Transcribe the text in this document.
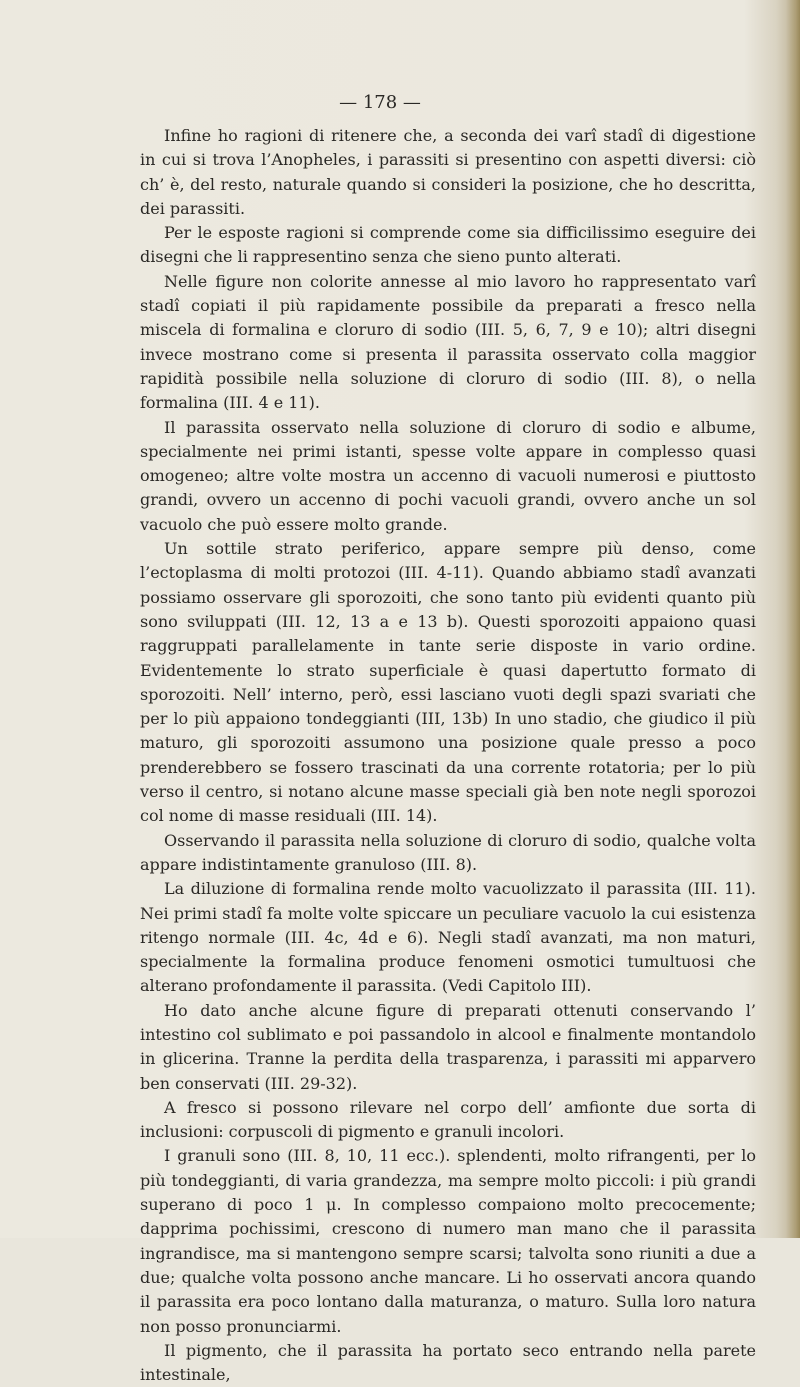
— 178 —

Infine ho ragioni di ritenere che, a seconda dei varî stadî di digestione in cui si trova l’Anopheles, i parassiti si presentino con aspetti diversi: ciò ch’ è, del resto, naturale quando si consideri la posizione, che ho descritta, dei parassiti.

Per le esposte ragioni si comprende come sia difficilissimo eseguire dei disegni che li rappresentino senza che sieno punto alterati.

Nelle figure non colorite annesse al mio lavoro ho rappresentato varî stadî copiati il più rapidamente possibile da preparati a fresco nella miscela di formalina e cloruro di sodio (III. 5, 6, 7, 9 e 10); altri disegni invece mostrano come si presenta il parassita osservato colla maggior rapidità possibile nella soluzione di cloruro di sodio (III. 8), o nella formalina (III. 4 e 11).

Il parassita osservato nella soluzione di cloruro di sodio e albume, specialmente nei primi istanti, spesse volte appare in complesso quasi omogeneo; altre volte mostra un accenno di vacuoli numerosi e piuttosto grandi, ovvero un accenno di pochi vacuoli grandi, ovvero anche un sol vacuolo che può essere molto grande.

Un sottile strato periferico, appare sempre più denso, come l’ectoplasma di molti protozoi (III. 4-11). Quando abbiamo stadî avanzati possiamo osservare gli sporozoiti, che sono tanto più evidenti quanto più sono sviluppati (III. 12, 13 a e 13 b). Questi sporozoiti appaiono quasi raggruppati parallelamente in tante serie disposte in vario ordine. Evidentemente lo strato superficiale è quasi dapertutto formato di sporozoiti. Nell’ interno, però, essi lasciano vuoti degli spazi svariati che per lo più appaiono tondeggianti (III, 13b) In uno stadio, che giudico il più maturo, gli sporozoiti assumono una posizione quale presso a poco prenderebbero se fossero trascinati da una corrente rotatoria; per lo più verso il centro, si notano alcune masse speciali già ben note negli sporozoi col nome di masse residuali (III. 14).

Osservando il parassita nella soluzione di cloruro di sodio, qualche volta appare indistintamente granuloso (III. 8).

La diluzione di formalina rende molto vacuolizzato il parassita (III. 11). Nei primi stadî fa molte volte spiccare un peculiare vacuolo la cui esistenza ritengo normale (III. 4c, 4d e 6). Negli stadî avanzati, ma non maturi, specialmente la formalina produce fenomeni osmotici tumultuosi che alterano profondamente il parassita. (Vedi Capitolo III).

Ho dato anche alcune figure di preparati ottenuti conservando l’ intestino col sublimato e poi passandolo in alcool e finalmente montandolo in glicerina. Tranne la perdita della trasparenza, i parassiti mi apparvero ben conservati (III. 29-32).

A fresco si possono rilevare nel corpo dell’ amfionte due sorta di inclusioni: corpuscoli di pigmento e granuli incolori.

I granuli sono (III. 8, 10, 11 ecc.). splendenti, molto rifrangenti, per lo più tondeggianti, di varia grandezza, ma sempre molto piccoli: i più grandi superano di poco 1 μ. In complesso compaiono molto precocemente; dapprima pochissimi, crescono di numero man mano che il parassita ingrandisce, ma si mantengono sempre scarsi; talvolta sono riuniti a due a due; qualche volta possono anche mancare. Li ho osservati ancora quando il parassita era poco lontano dalla maturanza, o maturo. Sulla loro natura non posso pronunciarmi.

Il pigmento, che il parassita ha portato seco entrando nella parete intestinale,
